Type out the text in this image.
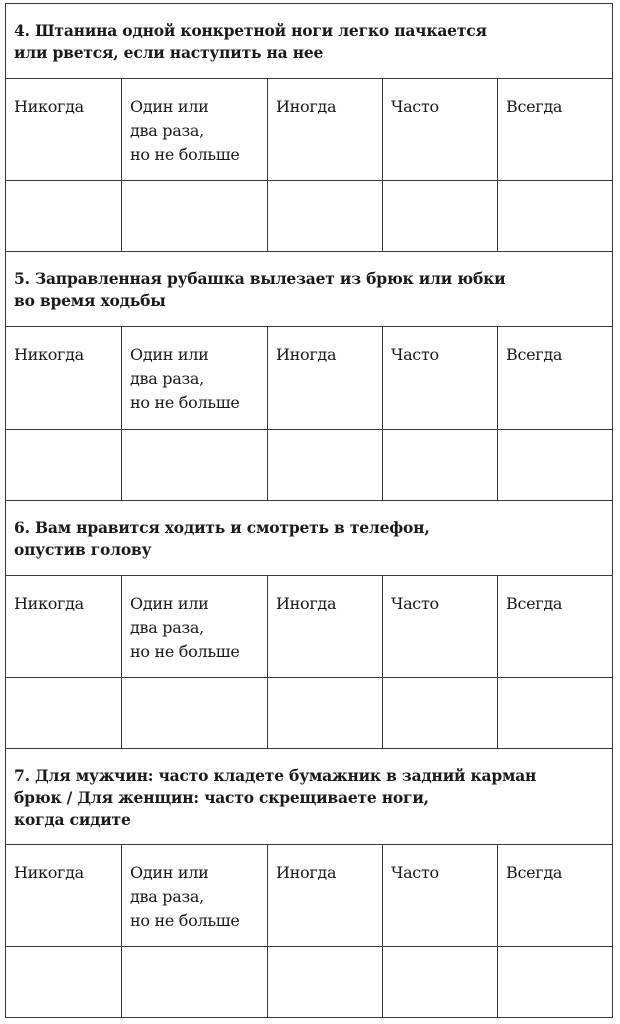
4. Штанина одной конкретной ноги легко пачкается
или рвется, если наступить на нее				

Никогда	Один или
два раза,
но не больше	Иногда	Часто	Всегда

5. Заправленная рубашка вылезает из брюк или юбки
во время ходьбы				

Никогда	Один или
два раза,
но не больше	Иногда	Часто	Всегда

6. Вам нравится ходить и смотреть в телефон,
опустив голову				

Никогда	Один или
два раза,
но не больше	Иногда	Часто	Всегда

7. Для мужчин: часто кладете бумажник в задний карман
брюк / Для женщин: часто скрещиваете ноги,
когда сидите				

Никогда	Один или
два раза,
но не больше	Иногда	Часто	Всегда
